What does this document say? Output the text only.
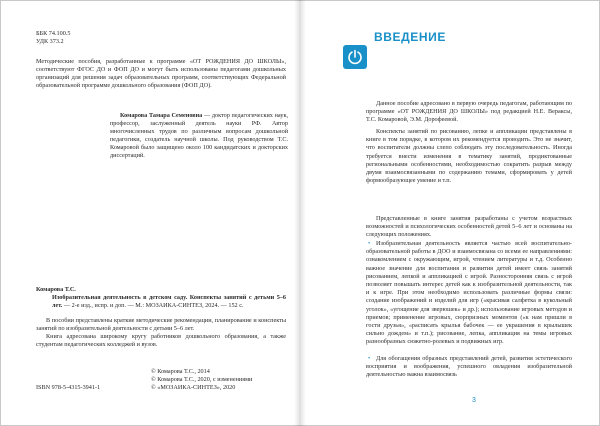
ББК 74.100.5
УДК 373.2

Методические пособия, разработанные к программе «ОТ РОЖДЕНИЯ ДО ШКОЛЫ», соответствуют ФГОС ДО и ФОП ДО и могут быть использованы педагогами дошкольных организаций для решения задач образовательных программ, соответствующих Федеральной образовательной программе дошкольного образования (ФОП ДО).

Комарова Тамара Семеновна — доктор педагогических наук, профессор, заслуженный деятель науки РФ. Автор многочисленных трудов по различным вопросам дошкольной педагогики, создатель научной школы. Под руководством Т.С. Комаровой было защищено около 100 кандидатских и докторских диссертаций.

Комарова Т.С.

Изобразительная деятельность в детском саду. Конспекты занятий с детьми 5–6 лет. — 2-е изд., испр. и доп. — М.: МОЗАИКА-СИНТЕЗ, 2024. — 152 с.

В пособии представлены краткие методические рекомендации, планирование и конспекты занятий по изобразительной деятельности с детьми 5–6 лет.
Книга адресована широкому кругу работников дошкольного образования, а также студентам педагогических колледжей и вузов.
© Комарова Т.С., 2014
© Комарова Т.С., 2020, с изменениями
© «МОЗАИКА-СИНТЕЗ», 2020
ISBN 978-5-4315-3941-1
ВВЕДЕНИЕ

Данное пособие адресовано в первую очередь педагогам, работающим по программе «ОТ РОЖДЕНИЯ ДО ШКОЛЫ» под редакцией Н.Е. Вераксы, Т.С. Комаровой, Э.М. Дорофеевой.

Конспекты занятий по рисованию, лепке и аппликации представлены в книге в том порядке, в котором их рекомендуется проводить. Это не значит, что воспитатели должны слепо соблюдать эту последовательность. Иногда требуется внести изменения в тематику занятий, продиктованные региональными особенностями, необходимостью сократить разрыв между двумя взаимосвязанными по содержанию темами, сформировать у детей формообразующее умение и т.п.

Представленные в книге занятия разработаны с учетом возрастных возможностей и психологических особенностей детей 5–6 лет и основаны на следующих положениях.

• Изобразительная деятельность является частью всей воспитательно-образовательной работы в ДОО и взаимосвязана со всеми ее направлениями: ознакомлением с окружающим, игрой, чтением литературы и т.д. Особенно важное значение для воспитания и развития детей имеет связь занятий рисованием, лепкой и аппликацией с игрой. Разносторонняя связь с игрой позволяет повышать интерес детей как к изобразительной деятельности, так и к игре. При этом необходимо использовать различные формы связи: создание изображений и изделий для игр («красивая салфетка в кукольный уголок», «угощение для зверюшек» и др.); использование игровых методов и приемов; применение игровых, сюрпризных моментов («к нам пришли в гости друзья», «расписать крылья бабочек — ее украшения в крылышек сильно дождем» и т.п.); рисование, лепка, аппликация на темы игровых разнообразных сюжетно-ролевых и подвижных игр.

• Для обогащения образных представлений детей, развития эстетического восприятия и воображения, успешного овладения изобразительной деятельностью важна взаимосвязь

3
